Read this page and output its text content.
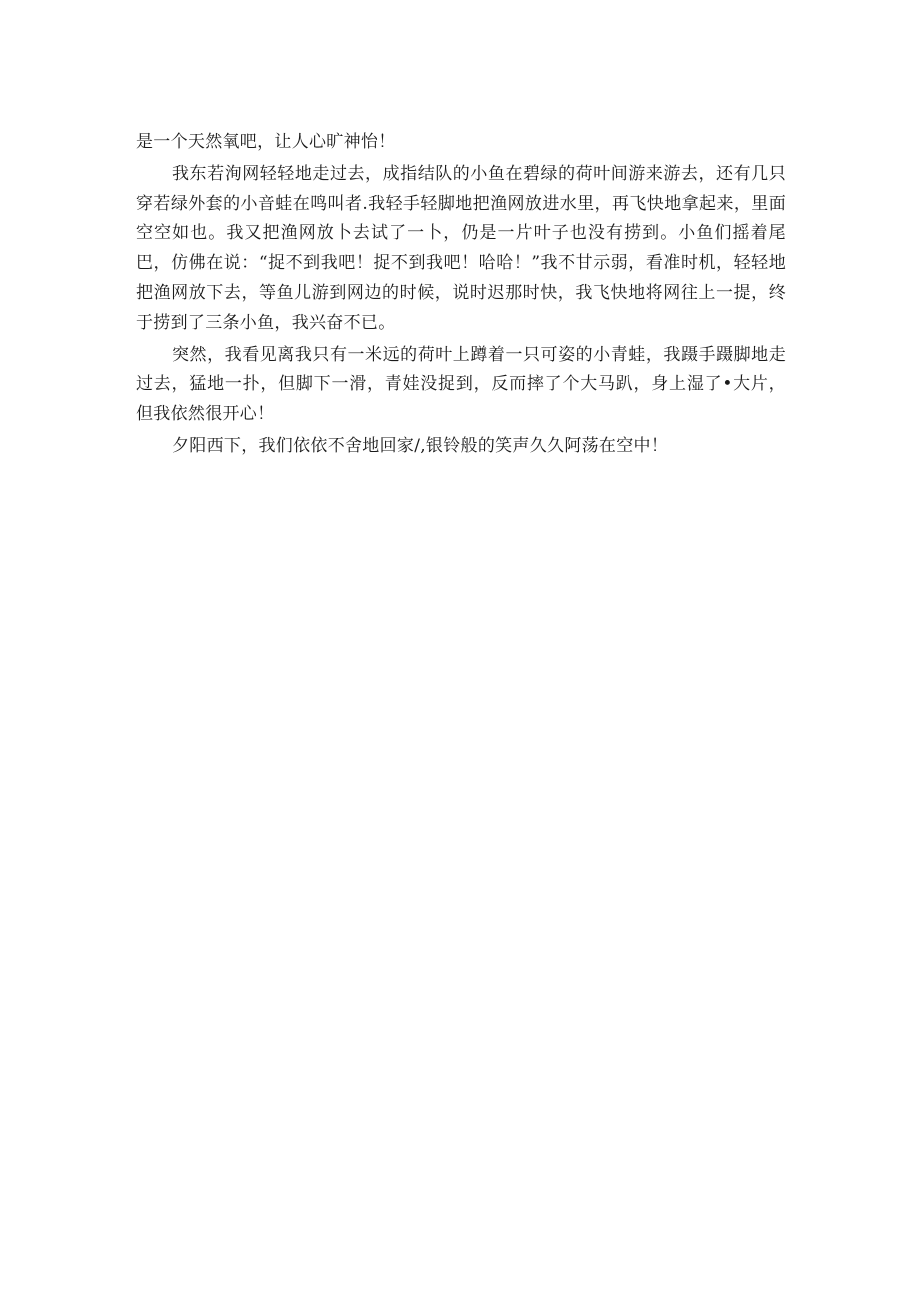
是一个天然氧吧，让人心旷神怡！

我东若洵网轻轻地走过去，成指结队的小鱼在碧绿的荷叶间游来游去，还有几只穿若绿外套的小音蛙在鸣叫者.我轻手轻脚地把渔网放进水里，再飞快地拿起来，里面空空如也。我又把渔网放卜去试了一卜，仍是一片叶子也没有捞到。小鱼们摇着尾巴，仿佛在说：“捉不到我吧！捉不到我吧！哈哈！”我不甘示弱，看准时机，轻轻地把渔网放下去，等鱼儿游到网边的时候，说时迟那时快，我飞快地将网往上一提，终于捞到了三条小鱼，我兴奋不已。

突然，我看见离我只有一米远的荷叶上蹲着一只可姿的小青蛙，我蹑手蹑脚地走过去，猛地一扑，但脚下一滑，青娃没捉到，反而摔了个大马趴，身上湿了•大片，但我依然很开心！

夕阳西下，我们依依不舍地回家/,银铃般的笑声久久阿荡在空中！
